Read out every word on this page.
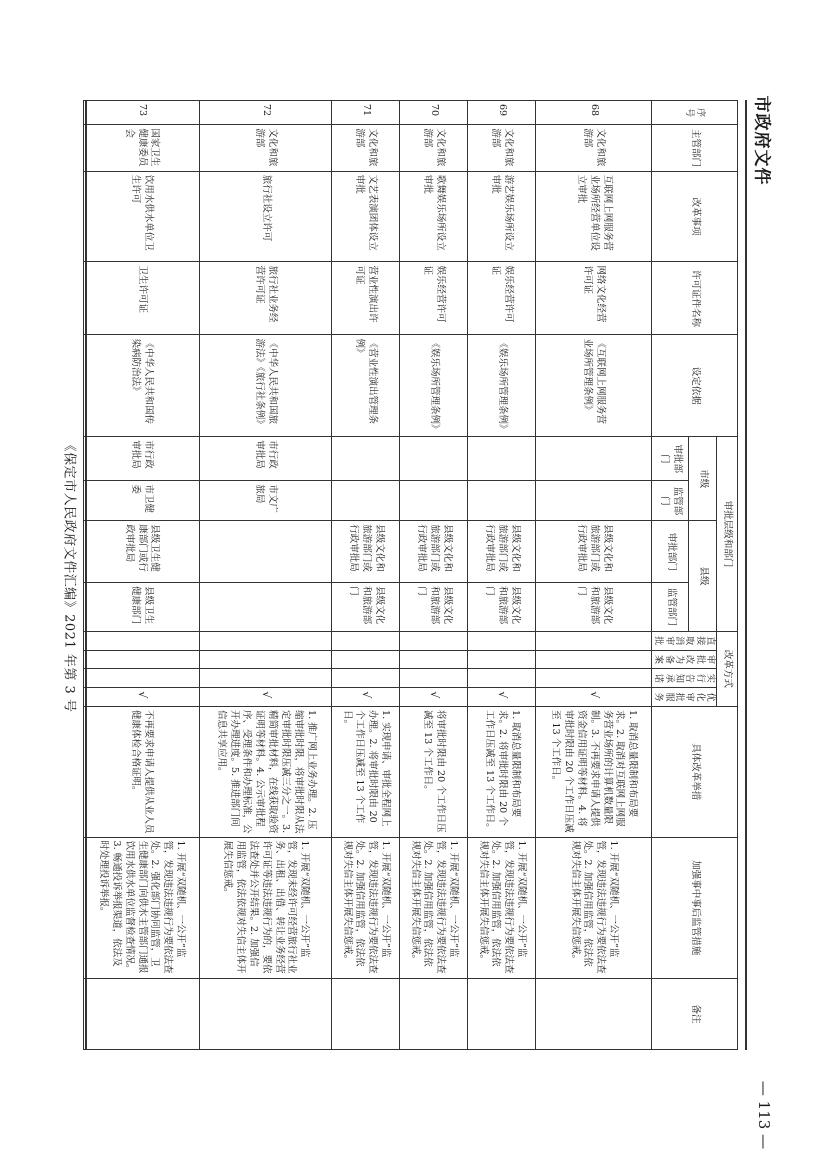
《保定市人民政府文件汇编》2021 年第 3 号
市政府文件
— 113 —
序号	主管部门	改革事项	许可证件名称	设定依据	审批层级和部门				改革方式				具体改革举措	加强事中事后监管措施	备注
					市级		县级		直接取消审批	审批改为备案	实行告知承诺	优化审批服务			
					审批部门	监管部门	审批部门	监管部门							
68	文化和旅游部	互联网上网服务营业场所经营单位设立审批	网络文化经营许可证	《互联网上网服务营业场所管理条例》			县级文化和旅游部门或行政审批局	县级文化和旅游部门				√	1. 取消总量限制和布局要求。2. 取消对互联网上网服务营业场所的计算机数量限制。3. 不再要求申请人提供资金信用证明等材料。4. 将审批时限由 20 个工作日压减至 13 个工作日。	1. 开展“双随机、一公开”监管，发现违法违规行为要依法查处。2. 加强信用监管，依法依规对失信主体开展失信惩戒。	
69	文化和旅游部	游艺娱乐场所设立审批	娱乐经营许可证	《娱乐场所管理条例》			县级文化和旅游部门或行政审批局	县级文化和旅游部门				√	1. 取消总量限制和布局要求。2. 将审批时限由 20 个工作日压减至 13 个工作日。	1. 开展“双随机、一公开”监管，发现违法违规行为要依法查处。2. 加强信用监管，依法依规对失信主体开展失信惩戒。	
70	文化和旅游部	歌舞娱乐场所设立审批	娱乐经营许可证	《娱乐场所管理条例》			县级文化和旅游部门或行政审批局	县级文化和旅游部门				√	将审批时限由 20 个工作日压减至 13 个工作日。	1. 开展“双随机、一公开”监管，发现违法违规行为要依法查处。2. 加强信用监管，依法依规对失信主体开展失信惩戒。	
71	文化和旅游部	文艺表演团体设立审批	营业性演出许可证	《营业性演出管理条例》			县级文化和旅游部门或行政审批局	县级文化和旅游部门				√	1. 实现申请、审批全程网上办理。2. 将审批时限由 20 个工作日压减至 13 个工作日。	1. 开展“双随机、一公开”监管，发现违法违规行为要依法查处。2. 加强信用监管，依法依规对失信主体开展失信惩戒。	
72	文化和旅游部	旅行社设立许可	旅行社业务经营许可证	《中华人民共和国旅游法》《旅行社条例》	市行政审批局	市文广旅局						√	1. 推广网上业务办理。2. 压缩审批时限，将审批时限从法定审批时限压减三分之一。3. 精简审批材料，在线获取验资证明等材料。4. 公示审批程序、受理条件和办理标准，公开办理进度。5. 推进部门间信息共享应用。	1. 开展“双随机、一公开”监管，发现未经许可经营旅行社业务、出租、出借、转让业务经营许可证等违法违规行为的，要依法查处并公开结果。2. 加强信用监管，依法依规对失信主体开展失信惩戒。	
73	国家卫生健康委员会	饮用水供水单位卫生许可	卫生许可证	《中华人民共和国传染病防治法》	市行政审批局	市卫健委	县级卫生健康部门或行政审批局	县级卫生健康部门				√	不再要求申请人提供从业人员健康体检合格证明。	1. 开展“双随机、一公开”监管，发现违法违规行为要依法查处。2. 强化部门协同监管，卫生健康部门向供水主管部门通报饮用水供水单位监督检查情况。3. 畅通投诉举报渠道，依法及时处理投诉举报。	
